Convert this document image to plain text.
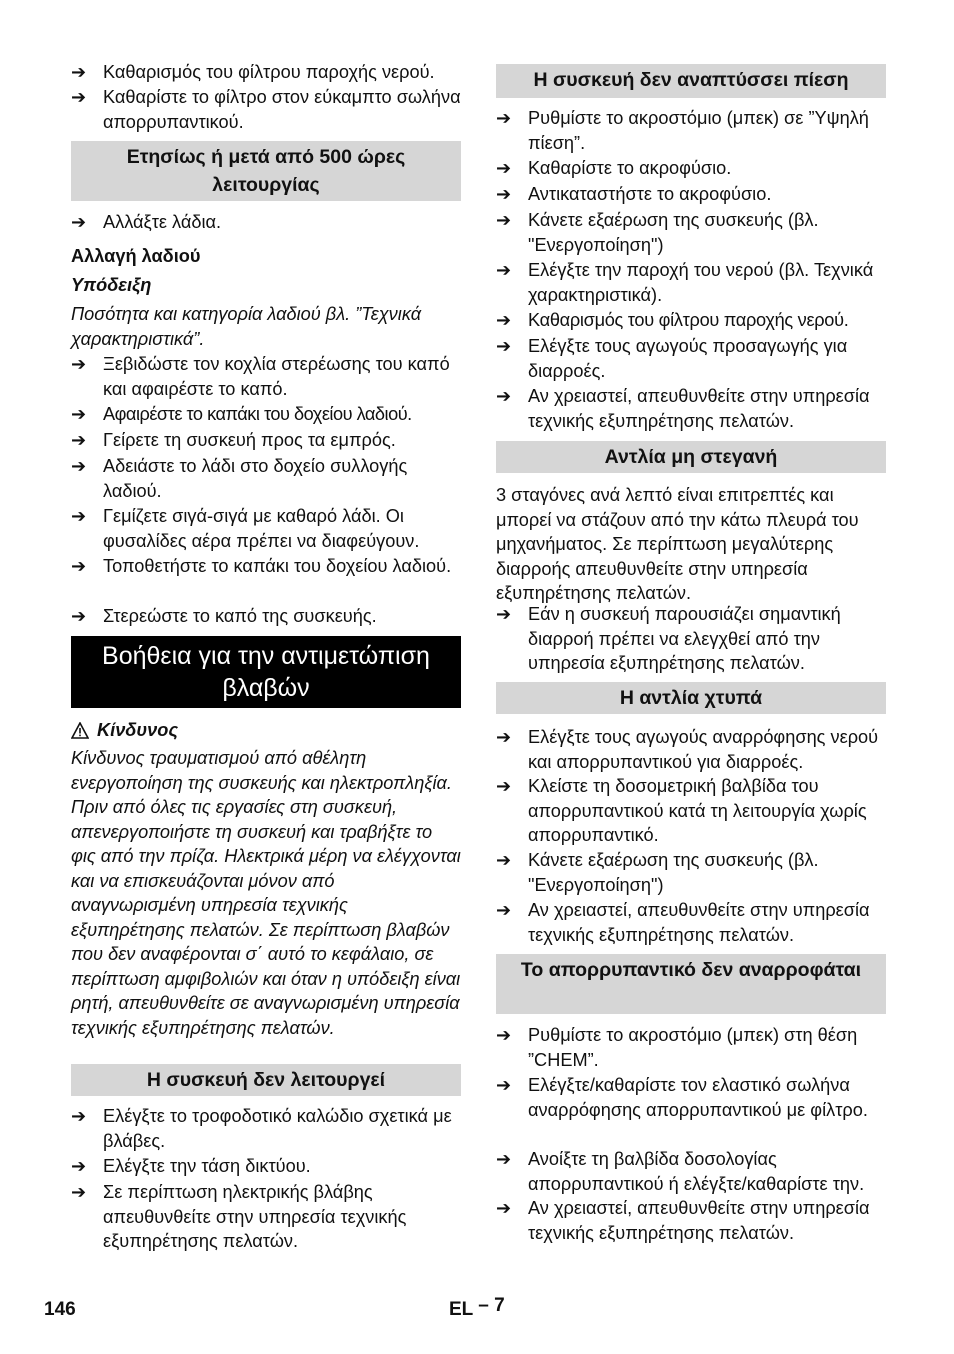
➔ Καθαρισμός του φίλτρου παροχής νερού.
➔ Καθαρίστε το φίλτρο στον εύκαμπτο σωλήνα απορρυπαντικού.
Ετησίως ή μετά από 500 ώρες λειτουργίας
➔ Αλλάξτε λάδια.
Αλλαγή λαδιού
Υπόδειξη
Ποσότητα και κατηγορία λαδιού βλ. ”Τεχνικά χαρακτηριστικά”.
➔ Ξεβιδώστε τον κοχλία στερέωσης του καπό και αφαιρέστε το καπό.
➔ Αφαιρέστε το καπάκι του δοχείου λαδιού.
➔ Γείρετε τη συσκευή προς τα εμπρός.
➔ Αδειάστε το λάδι στο δοχείο συλλογής λαδιού.
➔ Γεμίζετε σιγά-σιγά με καθαρό λάδι. Οι φυσαλίδες αέρα πρέπει να διαφεύγουν.
➔ Τοποθετήστε το καπάκι του δοχείου λαδιού.
➔ Στερεώστε το καπό της συσκευής.
Βοήθεια για την αντιμετώπιση βλαβών
Κίνδυνος
Κίνδυνος τραυματισμού από αθέλητη ενεργοποίηση της συσκευής και ηλεκτροπληξία. Πριν από όλες τις εργασίες στη συσκευή, απενεργοποιήστε τη συσκευή και τραβήξτε το φις από την πρίζα. Ηλεκτρικά μέρη να ελέγχονται και να επισκευάζονται μόνον από αναγνωρισμένη υπηρεσία τεχνικής εξυπηρέτησης πελατών. Σε περίπτωση βλαβών που δεν αναφέρονται σ΄ αυτό το κεφάλαιο, σε περίπτωση αμφιβολιών και όταν η υπόδειξη είναι ρητή, απευθυνθείτε σε αναγνωρισμένη υπηρεσία τεχνικής εξυπηρέτησης πελατών.
Η συσκευή δεν λειτουργεί
➔ Ελέγξτε το τροφοδοτικό καλώδιο σχετικά με βλάβες.
➔ Ελέγξτε την τάση δικτύου.
➔ Σε περίπτωση ηλεκτρικής βλάβης απευθυνθείτε στην υπηρεσία τεχνικής εξυπηρέτησης πελατών.
Η συσκευή δεν αναπτύσσει πίεση
➔ Ρυθμίστε το ακροστόμιο (μπεκ) σε ”Υψηλή πίεση”.
➔ Καθαρίστε το ακροφύσιο.
➔ Αντικαταστήστε το ακροφύσιο.
➔ Κάνετε εξαέρωση της συσκευής (βλ. "Ενεργοποίηση")
➔ Ελέγξτε την παροχή του νερού (βλ. Τεχνικά χαρακτηριστικά).
➔ Καθαρισμός του φίλτρου παροχής νερού.
➔ Ελέγξτε τους αγωγούς προσαγωγής για διαρροές.
➔ Αν χρειαστεί, απευθυνθείτε στην υπηρεσία τεχνικής εξυπηρέτησης πελατών.
Αντλία μη στεγανή
3 σταγόνες ανά λεπτό είναι επιτρεπτές και μπορεί να στάζουν από την κάτω πλευρά του μηχανήματος. Σε περίπτωση μεγαλύτερης διαρροής απευθυνθείτε στην υπηρεσία εξυπηρέτησης πελατών.
➔ Εάν η συσκευή παρουσιάζει σημαντική διαρροή πρέπει να ελεγχθεί από την υπηρεσία εξυπηρέτησης πελατών.
Η αντλία χτυπά
➔ Ελέγξτε τους αγωγούς αναρρόφησης νερού και απορρυπαντικού για διαρροές.
➔ Κλείστε τη δοσομετρική βαλβίδα του απορρυπαντικού κατά τη λειτουργία χωρίς απορρυπαντικό.
➔ Κάνετε εξαέρωση της συσκευής (βλ. "Ενεργοποίηση")
➔ Αν χρειαστεί, απευθυνθείτε στην υπηρεσία τεχνικής εξυπηρέτησης πελατών.
Το απορρυπαντικό δεν αναρροφάται
➔ Ρυθμίστε το ακροστόμιο (μπεκ) στη θέση ”CHEM”.
➔ Ελέγξτε/καθαρίστε τον ελαστικό σωλήνα αναρρόφησης απορρυπαντικού με φίλτρο.
➔ Ανοίξτε τη βαλβίδα δοσολογίας απορρυπαντικού ή ελέγξτε/καθαρίστε την.
➔ Αν χρειαστεί, απευθυνθείτε στην υπηρεσία τεχνικής εξυπηρέτησης πελατών.
146	EL – 7
